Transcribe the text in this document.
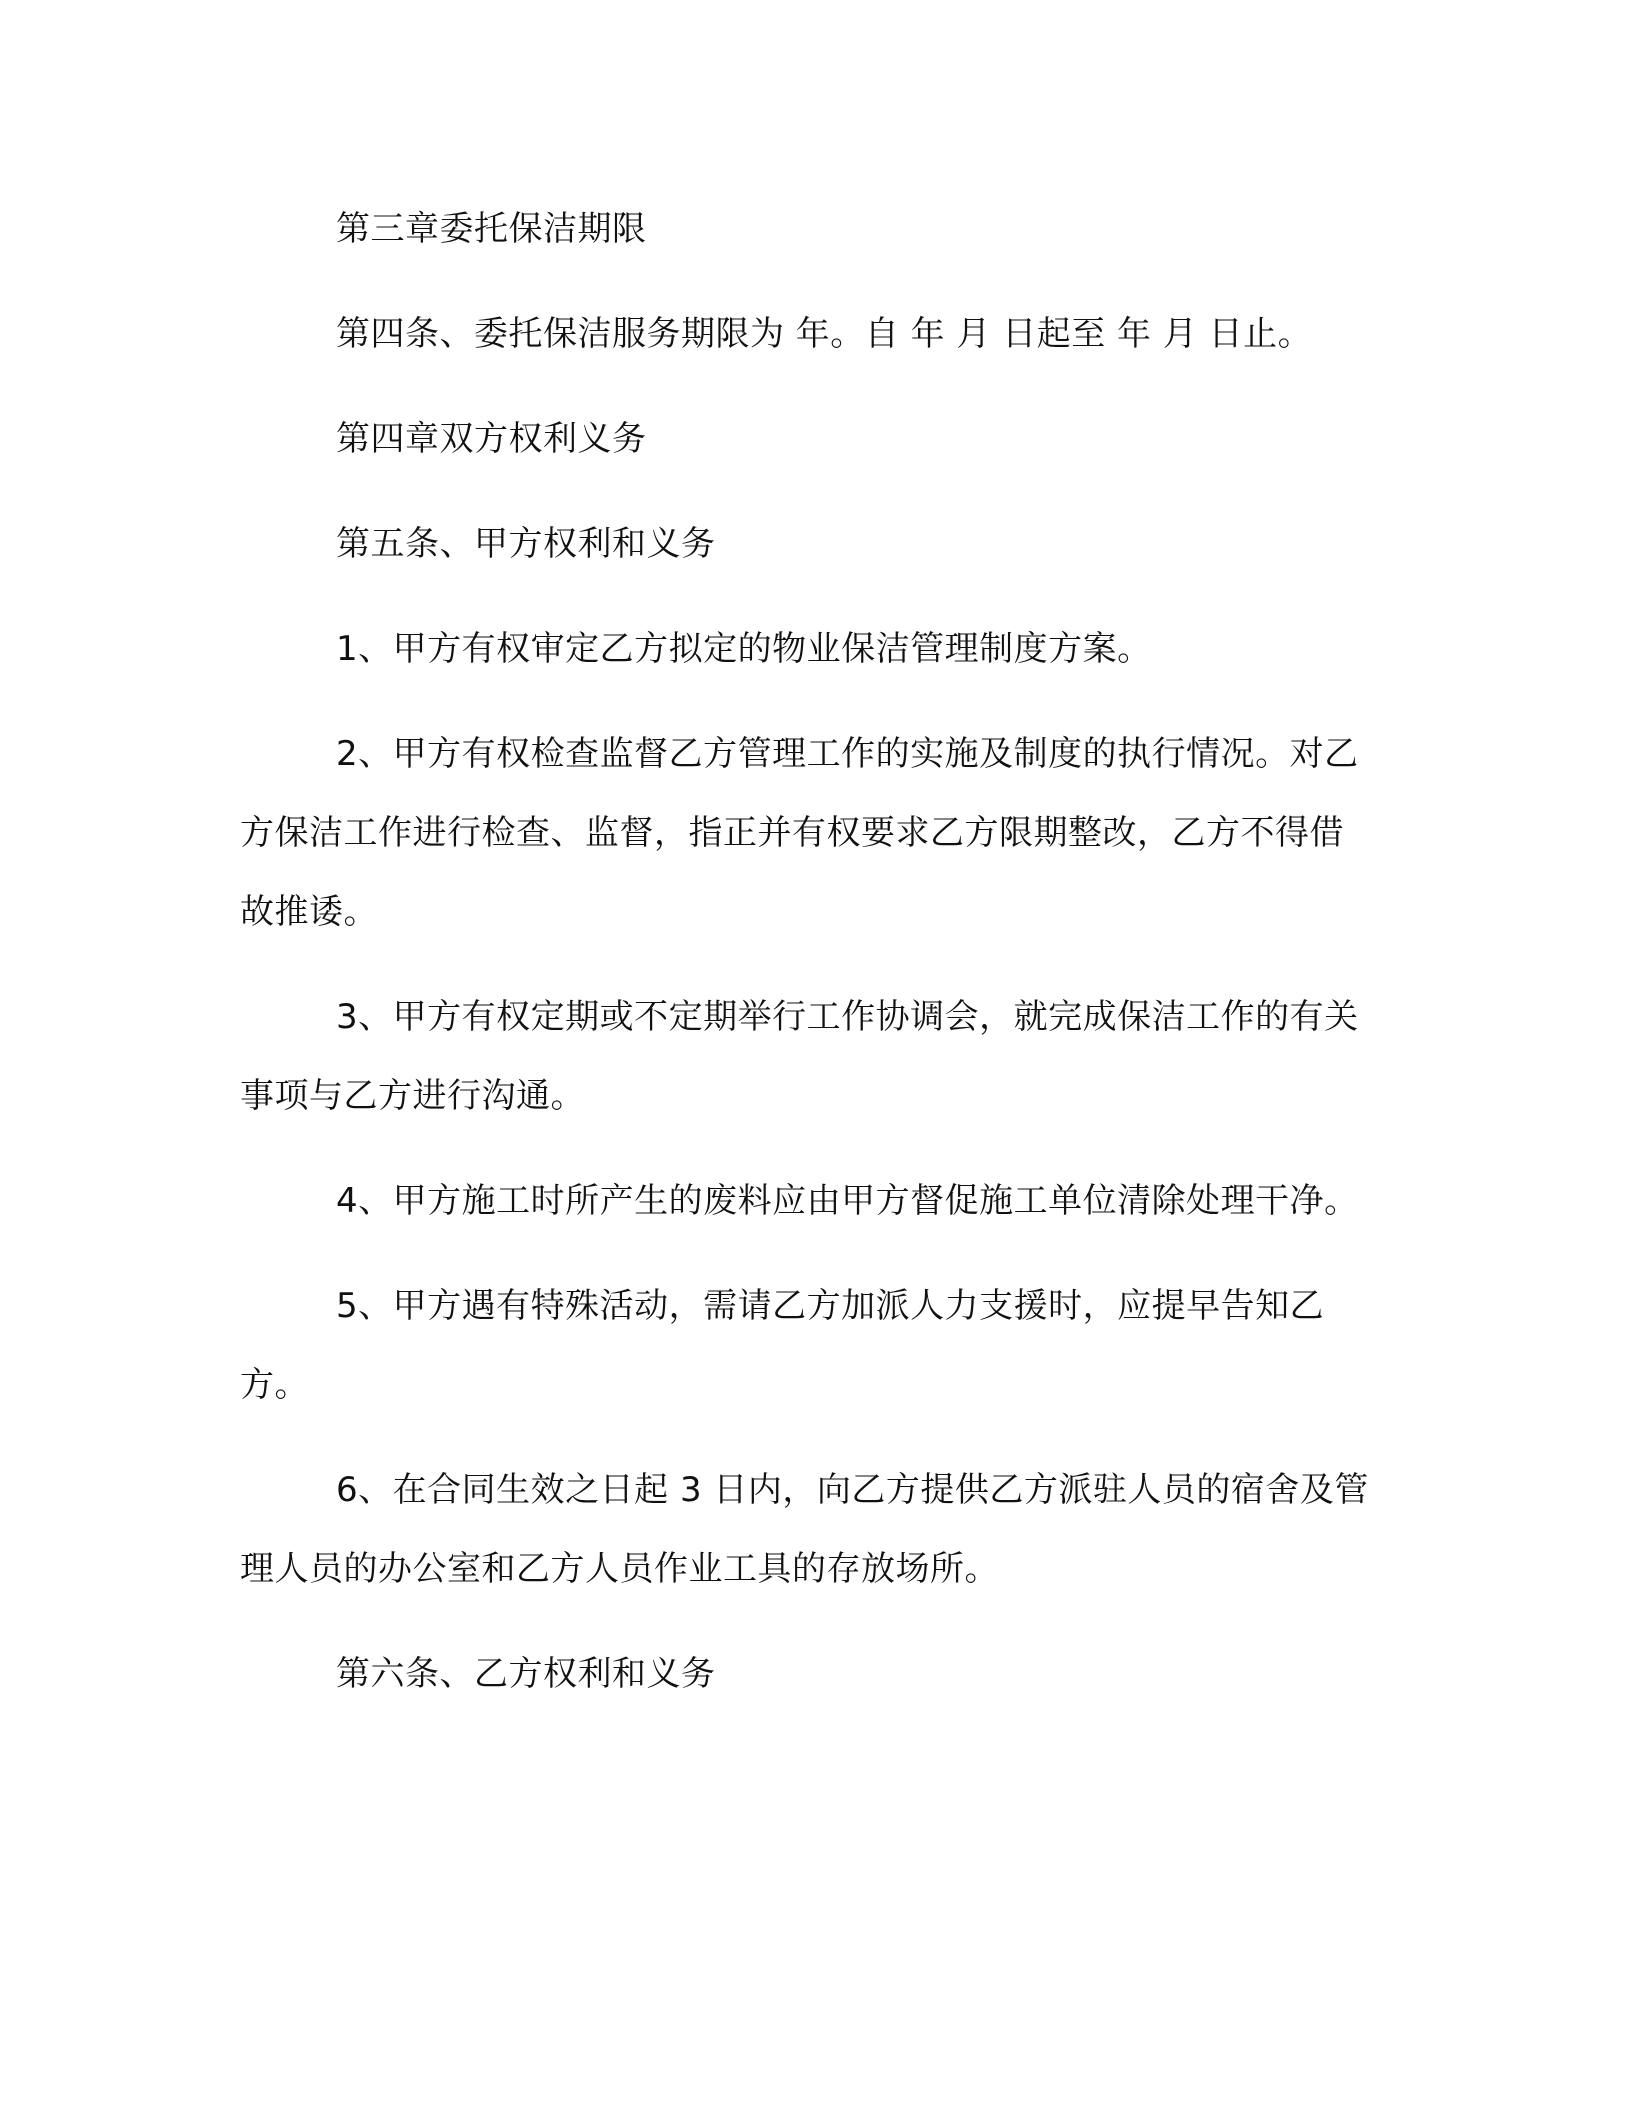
第三章委托保洁期限

第四条、委托保洁服务期限为 年。自 年 月 日起至 年 月 日止。

第四章双方权利义务

第五条、甲方权利和义务

1、甲方有权审定乙方拟定的物业保洁管理制度方案。

2、甲方有权检查监督乙方管理工作的实施及制度的执行情况。对乙方保洁工作进行检查、监督，指正并有权要求乙方限期整改，乙方不得借故推诿。

3、甲方有权定期或不定期举行工作协调会，就完成保洁工作的有关事项与乙方进行沟通。

4、甲方施工时所产生的废料应由甲方督促施工单位清除处理干净。

5、甲方遇有特殊活动，需请乙方加派人力支援时，应提早告知乙方。

6、在合同生效之日起 3 日内，向乙方提供乙方派驻人员的宿舍及管理人员的办公室和乙方人员作业工具的存放场所。

第六条、乙方权利和义务
